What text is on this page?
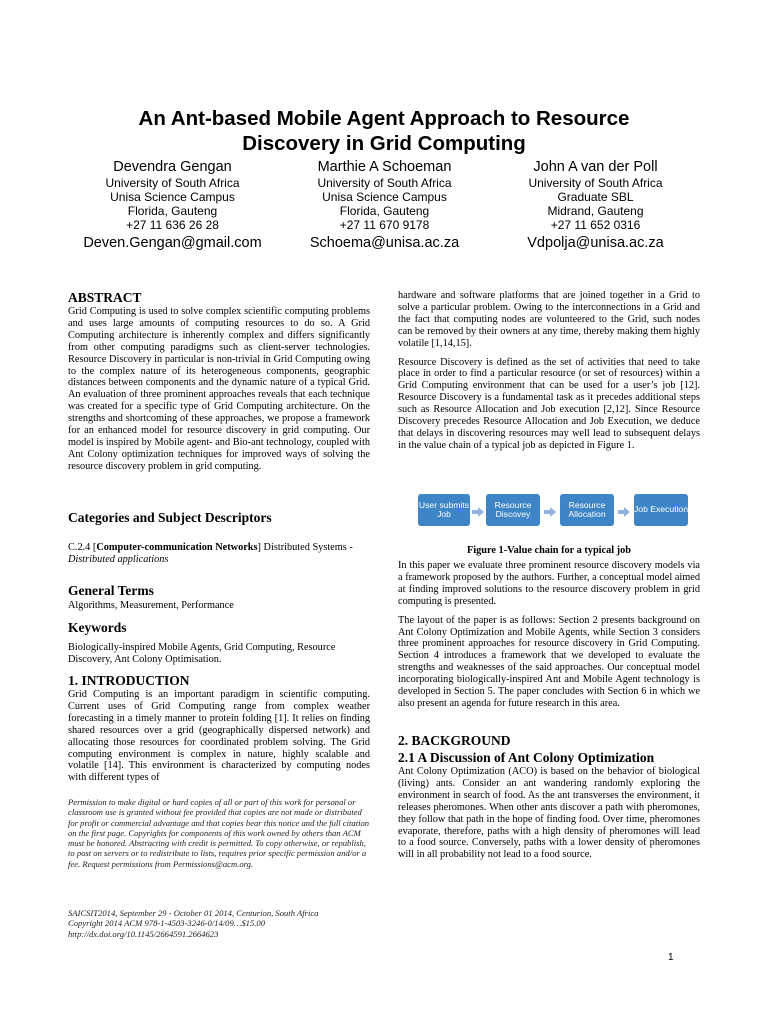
An Ant-based Mobile Agent Approach to Resource
Discovery in Grid Computing
Devendra Gengan
University of South Africa
Unisa Science Campus
Florida, Gauteng
+27 11 636 26 28
Deven.Gengan@gmail.com
Marthie A Schoeman
University of South Africa
Unisa Science Campus
Florida, Gauteng
+27 11 670 9178
Schoema@unisa.ac.za
John A van der Poll
University of South Africa
Graduate SBL
Midrand, Gauteng
+27 11 652 0316
Vdpolja@unisa.ac.za
ABSTRACT

Grid Computing is used to solve complex scientific computing problems and uses large amounts of computing resources to do so. A Grid Computing architecture is inherently complex and differs significantly from other computing paradigms such as client-server technologies. Resource Discovery in particular is non-trivial in Grid Computing owing to the complex nature of its heterogeneous components, geographic distances between components and the dynamic nature of a typical Grid. An evaluation of three prominent approaches reveals that each technique was created for a specific type of Grid Computing architecture. On the strengths and shortcoming of these approaches, we propose a framework for an enhanced model for resource discovery in grid computing. Our model is inspired by Mobile agent- and Bio-ant technology, coupled with Ant Colony optimization techniques for improved ways of solving the resource discovery problem in grid computing.

Categories and Subject Descriptors

C.2.4 [Computer-communication Networks] Distributed Systems - Distributed applications

General Terms

Algorithms, Measurement, Performance

Keywords

Biologically-inspired Mobile Agents, Grid Computing, Resource Discovery, Ant Colony Optimisation.

1. INTRODUCTION

Grid Computing is an important paradigm in scientific computing. Current uses of Grid Computing range from complex weather forecasting in a timely manner to protein folding [1]. It relies on finding shared resources over a grid (geographically dispersed network) and allocating those resources for coordinated problem solving. The Grid computing environment is complex in nature, highly scalable and volatile [14]. This environment is characterized by computing nodes with different types of

Permission to make digital or hard copies of all or part of this work for personal or classroom use is granted without fee provided that copies are not made or distributed for profit or commercial advantage and that copies bear this notice and the full citation on the first page. Copyrights for components of this work owned by others than ACM must be honored. Abstracting with credit is permitted. To copy otherwise, or republish, to post on servers or to redistribute to lists, requires prior specific permission and/or a fee. Request permissions from Permissions@acm.org.
SAICSIT2014, September 29 - October 01 2014, Centurion, South Africa
Copyright 2014 ACM 978-1-4503-3246-0/14/09…$15.00
http://dx.doi.org/10.1145/2664591.2664623

hardware and software platforms that are joined together in a Grid to solve a particular problem. Owing to the interconnections in a Grid and the fact that computing nodes are volunteered to the Grid, such nodes can be removed by their owners at any time, thereby making them highly volatile [1,14,15].

Resource Discovery is defined as the set of activities that need to take place in order to find a particular resource (or set of resources) within a Grid Computing environment that can be used for a user’s job [12]. Resource Discovery is a fundamental task as it precedes additional steps such as Resource Allocation and Job execution [2,12]. Since Resource Discovery precedes Resource Allocation and Job Execution, we deduce that delays in discovering resources may well lead to subsequent delays in the value chain of a typical job as depicted in Figure 1.

User submits Job
Resource Discovey
Resource Allocation	Job Execution
Figure 1-Value chain for a typical job

In this paper we evaluate three prominent resource discovery models via a framework proposed by the authors. Further, a conceptual model aimed at finding improved solutions to the resource discovery problem in grid computing is presented.

The layout of the paper is as follows: Section 2 presents background on Ant Colony Optimization and Mobile Agents, while Section 3 considers three prominent approaches for resource discovery in Grid Computing. Section 4 introduces a framework that we developed to evaluate the strengths and weaknesses of the said approaches. Our conceptual model incorporating biologically-inspired Ant and Mobile Agent technology is developed in Section 5. The paper concludes with Section 6 in which we also present an agenda for future research in this area.

2. BACKGROUND
2.1 A Discussion of Ant Colony Optimization

Ant Colony Optimization (ACO) is based on the behavior of biological (living) ants. Consider an ant wandering randomly exploring the environment in search of food. As the ant transverses the environment, it releases pheromones. When other ants discover a path with pheromones, they follow that path in the hope of finding food. Over time, pheromones evaporate, therefore, paths with a high density of pheromones will lead to a food source. Conversely, paths with a lower density of pheromones will in all probability not lead to a food source.

1
